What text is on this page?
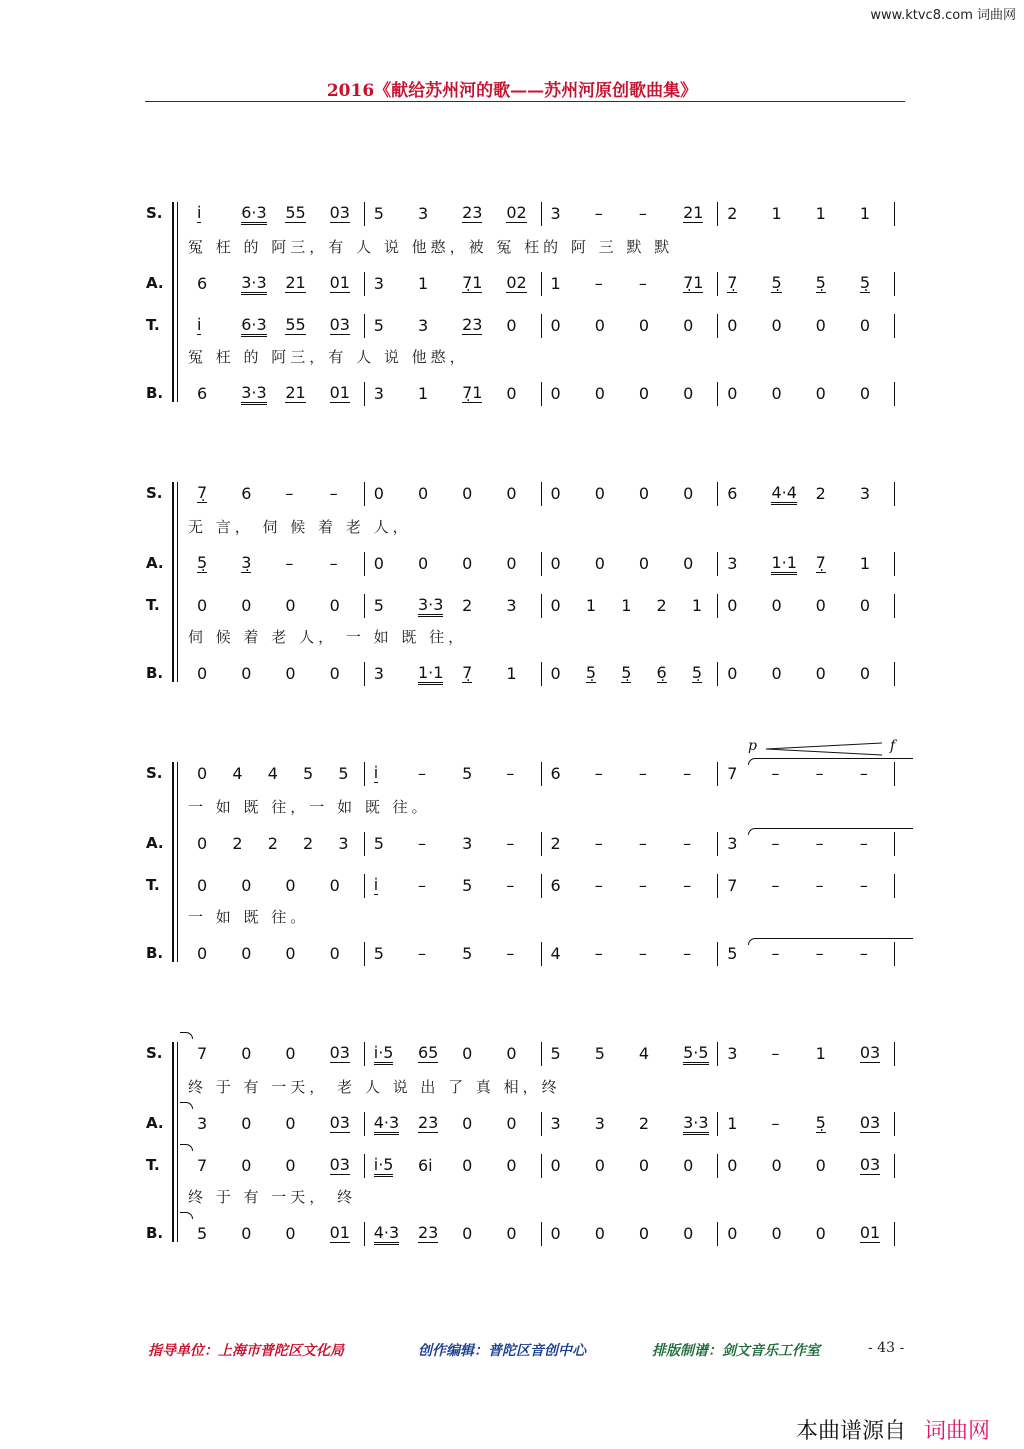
www.ktvc8.com 词曲网
2016《献给苏州河的歌——苏州河原创歌曲集》
S. i̇ 6·3 55 03 5 3 23 02 3 – – 21 2 1 1 1
冤 枉 的 阿三，有 人 说 他憨，被 冤 枉的 阿 三 默 默
A. 6 3·3 21 01 3 1 7̣1 02 1 – – 7̣1 7̣ 5̣ 5̣ 5̣
T. i̇ 6·3 55 03 5 3 23 0 0 0 0 0 0 0 0 0
冤 枉 的 阿三，有 人 说 他憨，
B. 6 3·3 21 01 3 1 7̣1 0 0 0 0 0 0 0 0 0
S. 7̣ 6 – – 0 0 0 0 0 0 0 0 6 4·4 2 3
无 言， 伺 候 着 老 人，
A. 5̣ 3̣ – – 0 0 0 0 0 0 0 0 3 1·1 7̣ 1
T. 0 0 0 0 5 3·3 2 3 0 1 1 2 1 0 0 0 0
伺 候 着 老 人， 一 如 既 往，
B. 0 0 0 0 3 1·1 7̣ 1 0 5̣ 5̣ 6̣ 5̣ 0 0 0 0
S. 0 4 4 5 5 i̇ – 5 – 6 – – – 7 – – –
一 如 既 往，一 如 既 往。
A. 0 2 2 2 3 5 – 3 – 2 – – – 3 – – –
T. 0 0 0 0 i̇ – 5 – 6 – – – 7 – – –
一 如 既 往。
B. 0 0 0 0 5 – 5 – 4 – – – 5 – – –
p	f
S. 7 0 0 03 i̇·5 65 0 0 5 5 4 5·5 3 – 1 03
终 于 有 一天， 老 人 说 出 了 真 相，终
A. 3 0 0 03 4·3 23 0 0 3 3 2 3·3 1 – 5̣ 03
T. 7 0 0 03 i̇·5 6i̇ 0 0 0 0 0 0 0 0 0 03
终 于 有 一天， 终
B. 5 0 0 01 4·3 23 0 0 0 0 0 0 0 0 0 01
指导单位：上海市普陀区文化局	创作编辑：普陀区音创中心	排版制谱：剑文音乐工作室	- 43 -
本曲谱源自 词曲网
